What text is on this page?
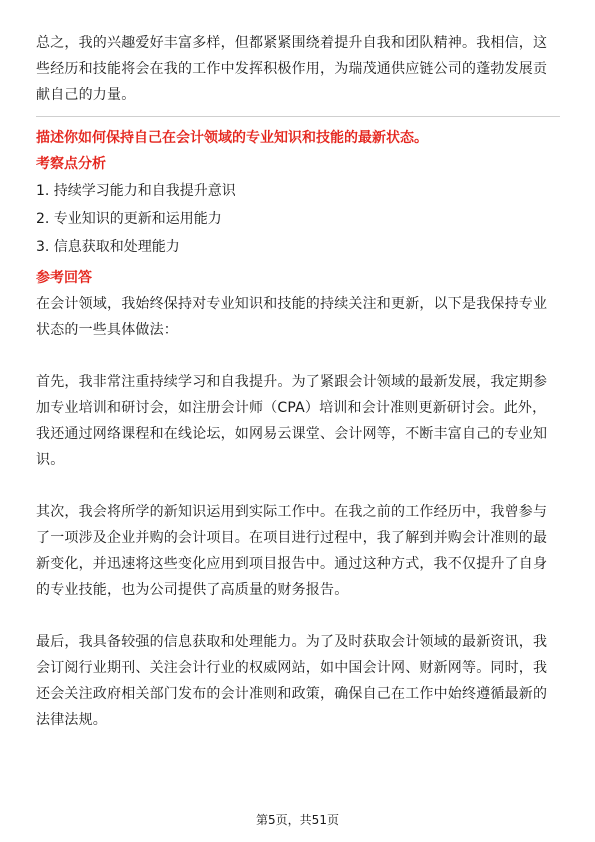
总之，我的兴趣爱好丰富多样，但都紧紧围绕着提升自我和团队精神。我相信，这些经历和技能将会在我的工作中发挥积极作用，为瑞茂通供应链公司的蓬勃发展贡献自己的力量。

描述你如何保持自己在会计领域的专业知识和技能的最新状态。
考察点分析
1. 持续学习能力和自我提升意识
2. 专业知识的更新和运用能力
3. 信息获取和处理能力
参考回答

在会计领域，我始终保持对专业知识和技能的持续关注和更新，以下是我保持专业状态的一些具体做法：

首先，我非常注重持续学习和自我提升。为了紧跟会计领域的最新发展，我定期参加专业培训和研讨会，如注册会计师（CPA）培训和会计准则更新研讨会。此外，我还通过网络课程和在线论坛，如网易云课堂、会计网等，不断丰富自己的专业知识。

其次，我会将所学的新知识运用到实际工作中。在我之前的工作经历中，我曾参与了一项涉及企业并购的会计项目。在项目进行过程中，我了解到并购会计准则的最新变化，并迅速将这些变化应用到项目报告中。通过这种方式，我不仅提升了自身的专业技能，也为公司提供了高质量的财务报告。

最后，我具备较强的信息获取和处理能力。为了及时获取会计领域的最新资讯，我会订阅行业期刊、关注会计行业的权威网站，如中国会计网、财新网等。同时，我还会关注政府相关部门发布的会计准则和政策，确保自己在工作中始终遵循最新的法律法规。

第5页，共51页
